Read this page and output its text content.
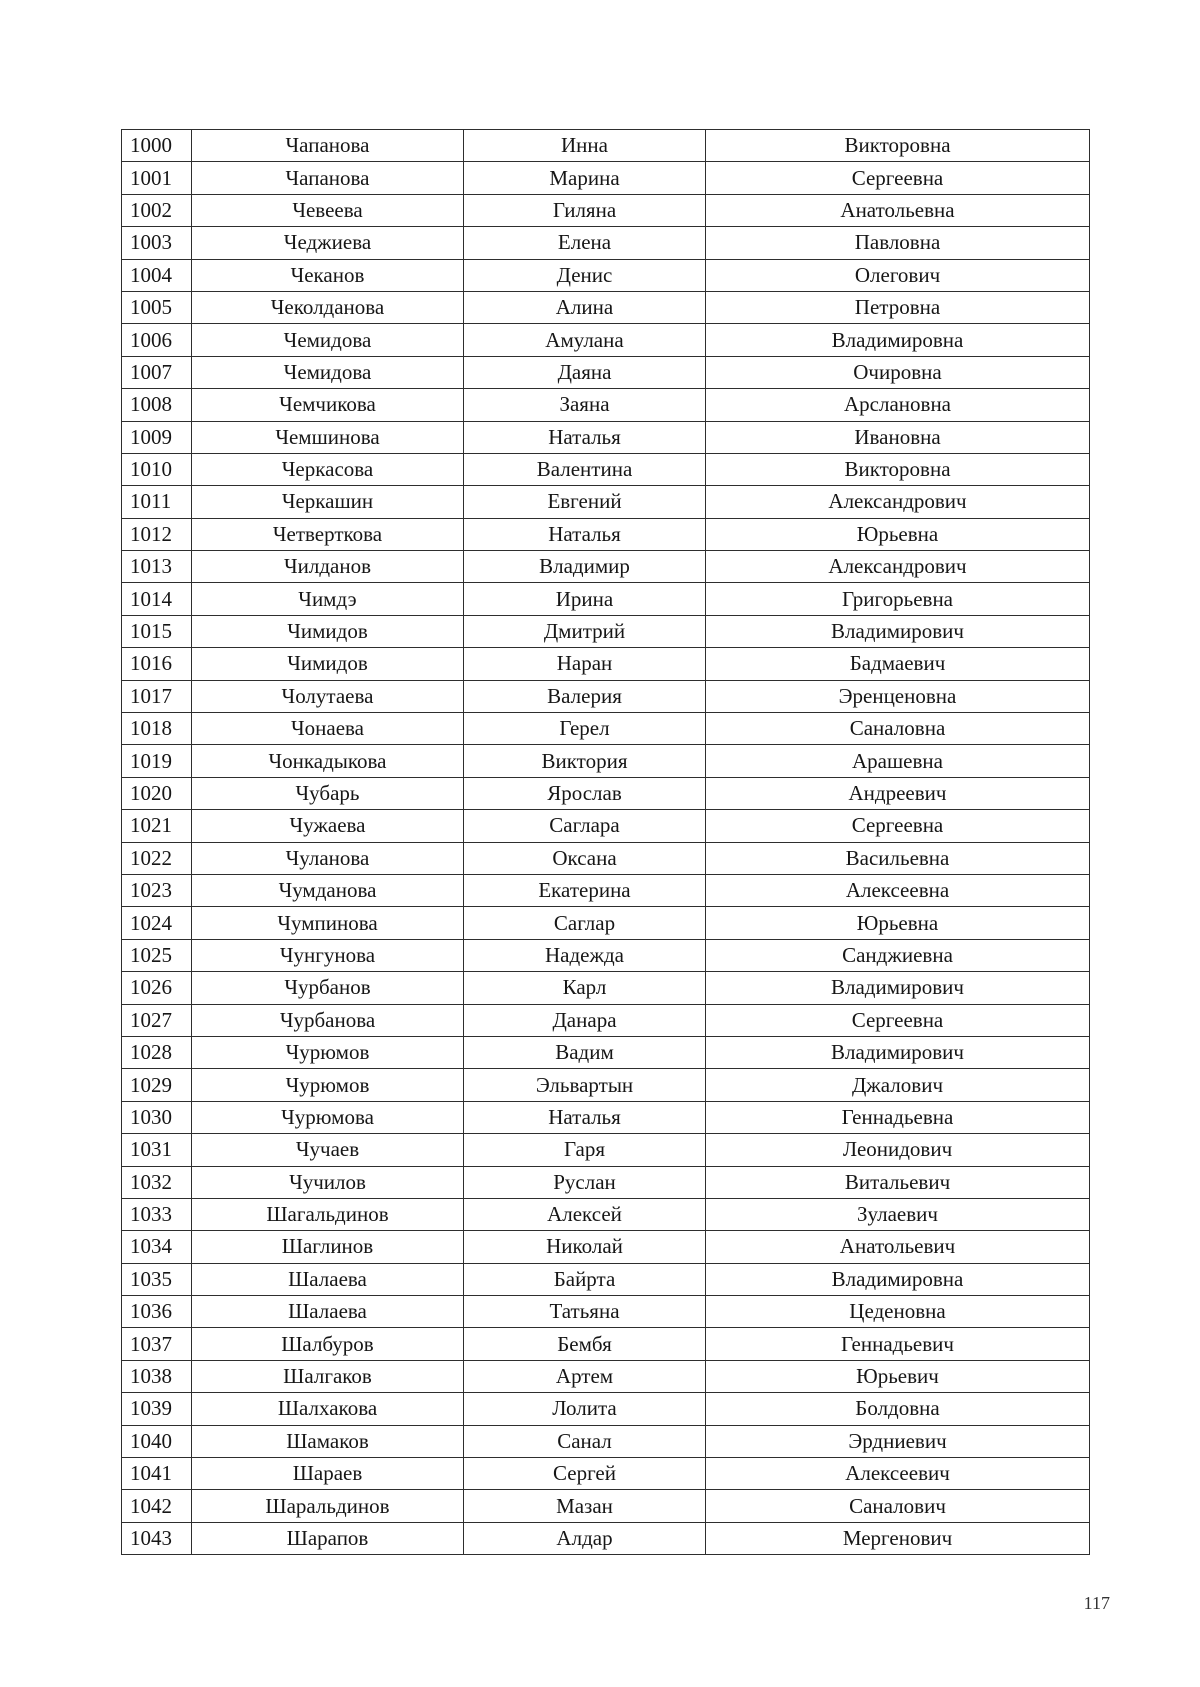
1000	Чапанова	Инна	Викторовна
1001	Чапанова	Марина	Сергеевна
1002	Чевеева	Гиляна	Анатольевна
1003	Чеджиева	Елена	Павловна
1004	Чеканов	Денис	Олегович
1005	Чеколданова	Алина	Петровна
1006	Чемидова	Амулана	Владимировна
1007	Чемидова	Даяна	Очировна
1008	Чемчикова	Заяна	Арслановна
1009	Чемшинова	Наталья	Ивановна
1010	Черкасова	Валентина	Викторовна
1011	Черкашин	Евгений	Александрович
1012	Четверткова	Наталья	Юрьевна
1013	Чилданов	Владимир	Александрович
1014	Чимдэ	Ирина	Григорьевна
1015	Чимидов	Дмитрий	Владимирович
1016	Чимидов	Наран	Бадмаевич
1017	Чолутаева	Валерия	Эренценовна
1018	Чонаева	Герел	Саналовна
1019	Чонкадыкова	Виктория	Арашевна
1020	Чубарь	Ярослав	Андреевич
1021	Чужаева	Саглара	Сергеевна
1022	Чуланова	Оксана	Васильевна
1023	Чумданова	Екатерина	Алексеевна
1024	Чумпинова	Саглар	Юрьевна
1025	Чунгунова	Надежда	Санджиевна
1026	Чурбанов	Карл	Владимирович
1027	Чурбанова	Данара	Сергеевна
1028	Чурюмов	Вадим	Владимирович
1029	Чурюмов	Эльвартын	Джалович
1030	Чурюмова	Наталья	Геннадьевна
1031	Чучаев	Гаря	Леонидович
1032	Чучилов	Руслан	Витальевич
1033	Шагальдинов	Алексей	Зулаевич
1034	Шаглинов	Николай	Анатольевич
1035	Шалаева	Байрта	Владимировна
1036	Шалаева	Татьяна	Цеденовна
1037	Шалбуров	Бембя	Геннадьевич
1038	Шалгаков	Артем	Юрьевич
1039	Шалхакова	Лолита	Болдовна
1040	Шамаков	Санал	Эрдниевич
1041	Шараев	Сергей	Алексеевич
1042	Шаральдинов	Мазан	Саналович
1043	Шарапов	Алдар	Мергенович
117
